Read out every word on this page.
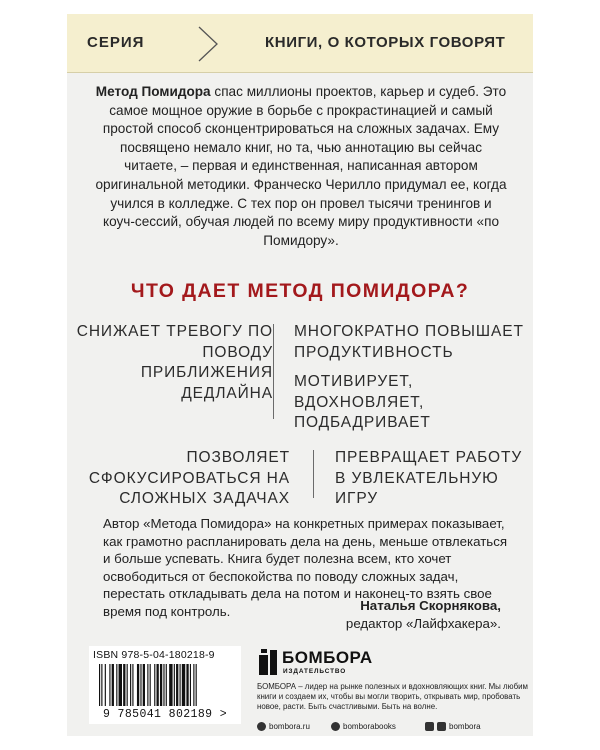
СЕРИЯ	КНИГИ, О КОТОРЫХ ГОВОРЯТ
Метод Помидора спас миллионы проектов, карьер и судеб. Это самое мощное оружие в борьбе с прокрастинацией и самый простой способ сконцентрироваться на сложных задачах. Ему посвящено немало книг, но та, чью аннотацию вы сейчас читаете, – первая и единственная, написанная автором оригинальной методики. Франческо Черилло придумал ее, когда учился в колледже. С тех пор он провел тысячи тренингов и коуч-сессий, обучая людей по всему миру продуктивности «по Помидору».
ЧТО ДАЕТ МЕТОД ПОМИДОРА?
СНИЖАЕТ ТРЕВОГУ ПО ПОВОДУ ПРИБЛИЖЕНИЯ ДЕДЛАЙНА
МНОГОКРАТНО ПОВЫШАЕТ ПРОДУКТИВНОСТЬ
МОТИВИРУЕТ, ВДОХНОВЛЯЕТ, ПОДБАДРИВАЕТ
ПОЗВОЛЯЕТ СФОКУСИРОВАТЬСЯ НА СЛОЖНЫХ ЗАДАЧАХ
ПРЕВРАЩАЕТ РАБОТУ В УВЛЕКАТЕЛЬНУЮ ИГРУ
Автор «Метода Помидора» на конкретных примерах показывает, как грамотно распланировать дела на день, меньше отвлекаться и больше успевать. Книга будет полезна всем, кто хочет освободиться от беспокойства по поводу сложных задач, перестать откладывать дела на потом и наконец-то взять свое время под контроль.	Наталья Скорнякова,
редактор «Лайфхакера».
ISBN 978-5-04-180218-9
9 785041 802189 >
БОМБОРА
ИЗДАТЕЛЬСТВО
БОМБОРА – лидер на рынке полезных и вдохновляющих книг. Мы любим книги и создаем их, чтобы вы могли творить, открывать мир, пробовать новое, расти. Быть счастливыми. Быть на волне.
bombora.ru	bomborabooks	bombora
